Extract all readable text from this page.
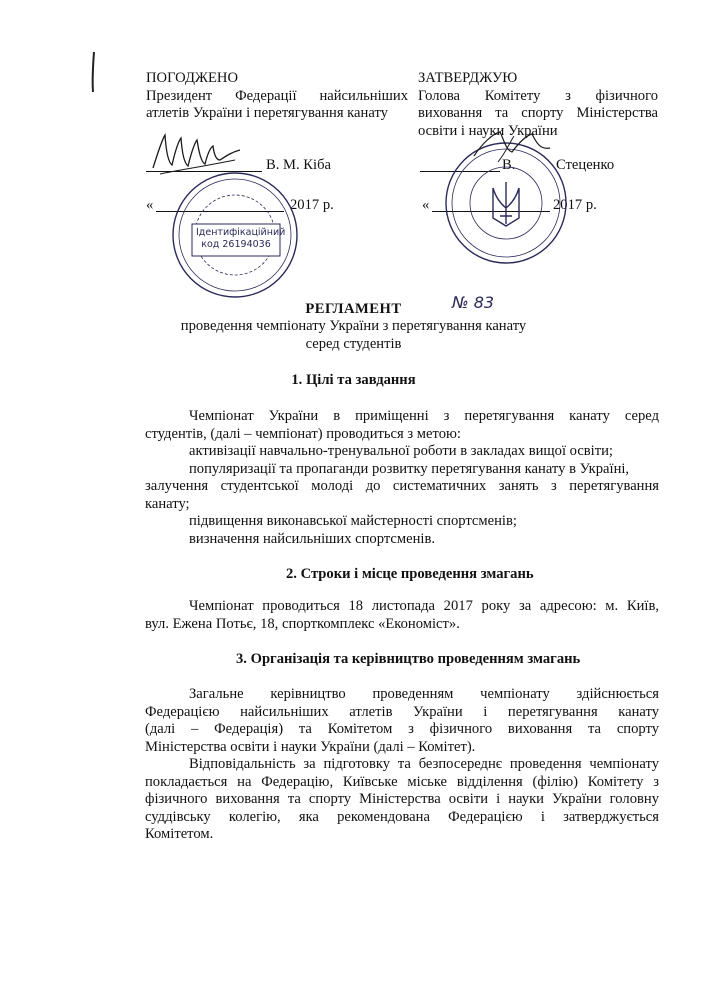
ПОГОДЖЕНО
Президент Федерації найсильніших
атлетів України і перетягування канату
В. М. Кіба
«	2017 р.
Ідентифікаційний
код 26194036
ЗАТВЕРДЖУЮ
Голова Комітету з фізичного
виховання та спорту Міністерства
освіти і науки України
В.	Стеценко
«	2017 р.
РЕГЛАМЕНТ	№ 83
проведення чемпіонату України з перетягування канату
серед студентів
1. Цілі та завдання

Чемпіонат України в приміщенні з перетягування канату серед

студентів, (далі – чемпіонат) проводиться з метою:

активізації навчально-тренувальної роботи в закладах вищої освіти;

популяризації та пропаганди розвитку перетягування канату в Україні,

залучення студентської молоді до систематичних занять з перетягування

канату;

підвищення виконавської майстерності спортсменів;

визначення найсильніших спортсменів.

2. Строки і місце проведення змагань

Чемпіонат проводиться 18 листопада 2017 року за адресою: м. Київ,

вул. Ежена Потьє, 18, спорткомплекс «Економіст».

3. Організація та керівництво проведенням змагань

Загальне керівництво проведенням чемпіонату здійснюється

Федерацією найсильніших атлетів України і перетягування канату

(далі – Федерація) та Комітетом з фізичного виховання та спорту

Міністерства освіти і науки України (далі – Комітет).

Відповідальність за підготовку та безпосереднє проведення чемпіонату

покладається на Федерацію, Київське міське відділення (філію) Комітету з

фізичного виховання та спорту Міністерства освіти і науки України головну

суддівську колегію, яка рекомендована Федерацією і затверджується

Комітетом.
